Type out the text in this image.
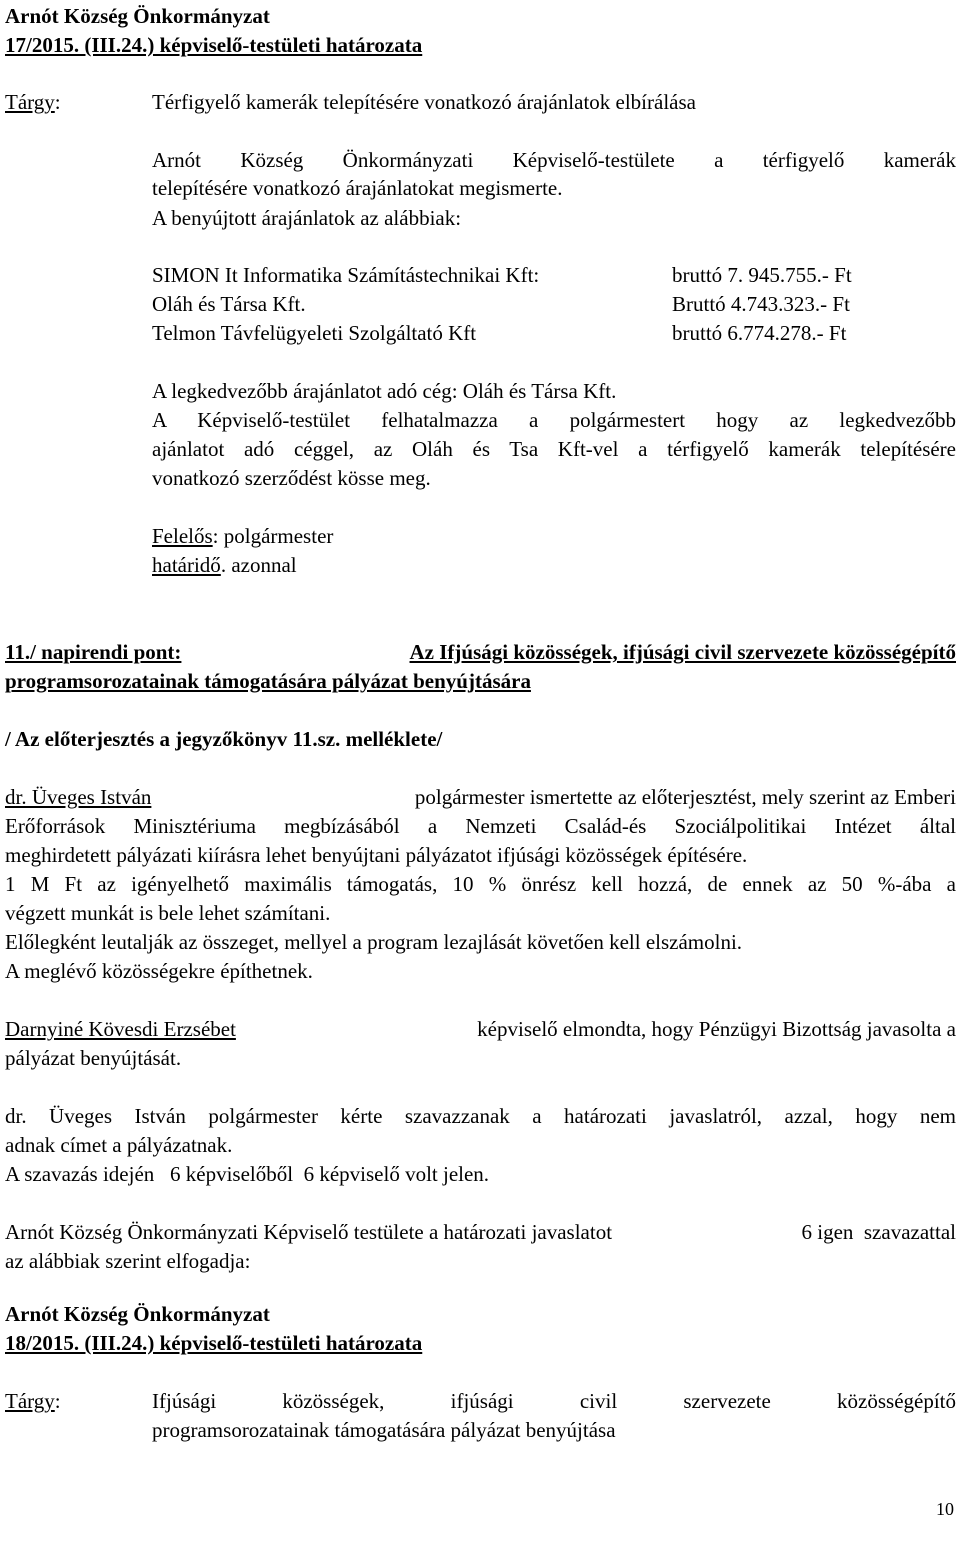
Arnót Község Önkormányzat
17/2015. (III.24.) képviselő-testületi határozata
Tárgy:	Térfigyelő kamerák telepítésére vonatkozó árajánlatok elbírálása
Arnót Község Önkormányzati Képviselő-testülete a térfigyelő kamerák
telepítésére vonatkozó árajánlatokat megismerte.
A benyújtott árajánlatok az alábbiak:
SIMON It Informatika Számítástechnikai Kft:	bruttó 7. 945.755.- Ft
Oláh és Társa Kft.	Bruttó 4.743.323.- Ft
Telmon Távfelügyeleti Szolgáltató Kft	bruttó 6.774.278.- Ft
A legkedvezőbb árajánlatot adó cég: Oláh és Társa Kft.
A Képviselő-testület felhatalmazza a polgármestert hogy az legkedvezőbb
ajánlatot adó céggel, az Oláh és Tsa Kft-vel a térfigyelő kamerák telepítésére
vonatkozó szerződést kösse meg.
Felelős: polgármester
határidő. azonnal
11./ napirendi pont:	Az Ifjúsági közösségek, ifjúsági civil szervezete közösségépítő
programsorozatainak támogatására pályázat benyújtására
/ Az előterjesztés a jegyzőkönyv 11.sz. melléklete/
dr. Üveges István	polgármester ismertette az előterjesztést, mely szerint az Emberi
Erőforrások Minisztériuma megbízásából a Nemzeti Család-és Szociálpolitikai Intézet által
meghirdetett pályázati kiírásra lehet benyújtani pályázatot ifjúsági közösségek építésére.
1 M Ft az igényelhető maximális támogatás, 10 % önrész kell hozzá, de ennek az 50 %-ába a
végzett munkát is bele lehet számítani.
Előlegként leutalják az összeget, mellyel a program lezajlását követően kell elszámolni.
A meglévő közösségekre építhetnek.
Darnyiné Kövesdi Erzsébet	képviselő elmondta, hogy Pénzügyi Bizottság javasolta a
pályázat benyújtását.
dr. Üveges István polgármester kérte szavazzanak a határozati javaslatról, azzal, hogy nem
adnak címet a pályázatnak.
A szavazás idején   6 képviselőből  6 képviselő volt jelen.
Arnót Község Önkormányzati Képviselő testülete a határozati javaslatot	6 igen  szavazattal
az alábbiak szerint elfogadja:
Arnót Község Önkormányzat
18/2015. (III.24.) képviselő-testületi határozata
Tárgy:	Ifjúsági közösségek, ifjúsági civil szervezete közösségépítő
programsorozatainak támogatására pályázat benyújtása
10
